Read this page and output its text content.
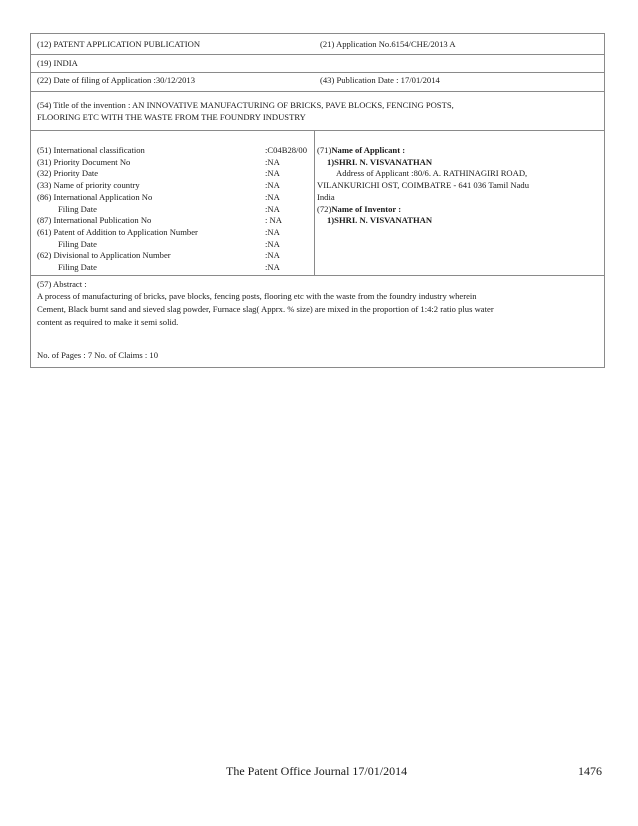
(12) PATENT APPLICATION PUBLICATION	(21) Application No.6154/CHE/2013 A
(19) INDIA
(22) Date of filing of Application :30/12/2013	(43) Publication Date : 17/01/2014
(54) Title of the invention : AN INNOVATIVE MANUFACTURING OF BRICKS, PAVE BLOCKS, FENCING POSTS,
FLOORING ETC WITH THE WASTE FROM THE FOUNDRY INDUSTRY
(51) International classification	:C04B28/00
(31) Priority Document No	:NA
(32) Priority Date	:NA
(33) Name of priority country	:NA
(86) International Application No	:NA
Filing Date	:NA
(87) International Publication No	: NA
(61) Patent of Addition to Application Number	:NA
Filing Date	:NA
(62) Divisional to Application Number	:NA
Filing Date	:NA
(71)Name of Applicant :
1)SHRI. N. VISVANATHAN
Address of Applicant :80/6. A. RATHINAGIRI ROAD,
VILANKURICHI OST, COIMBATRE - 641 036 Tamil Nadu
India
(72)Name of Inventor :
1)SHRI. N. VISVANATHAN
(57) Abstract :
A process of manufacturing of bricks, pave blocks, fencing posts, flooring etc with the waste from the foundry industry wherein
Cement, Black burnt sand and sieved slag powder, Furnace slag( Apprx. % size) are mixed in the proportion of 1:4:2 ratio plus water
content as required to make it semi solid.
No. of Pages : 7 No. of Claims : 10
The Patent Office Journal 17/01/2014	1476
